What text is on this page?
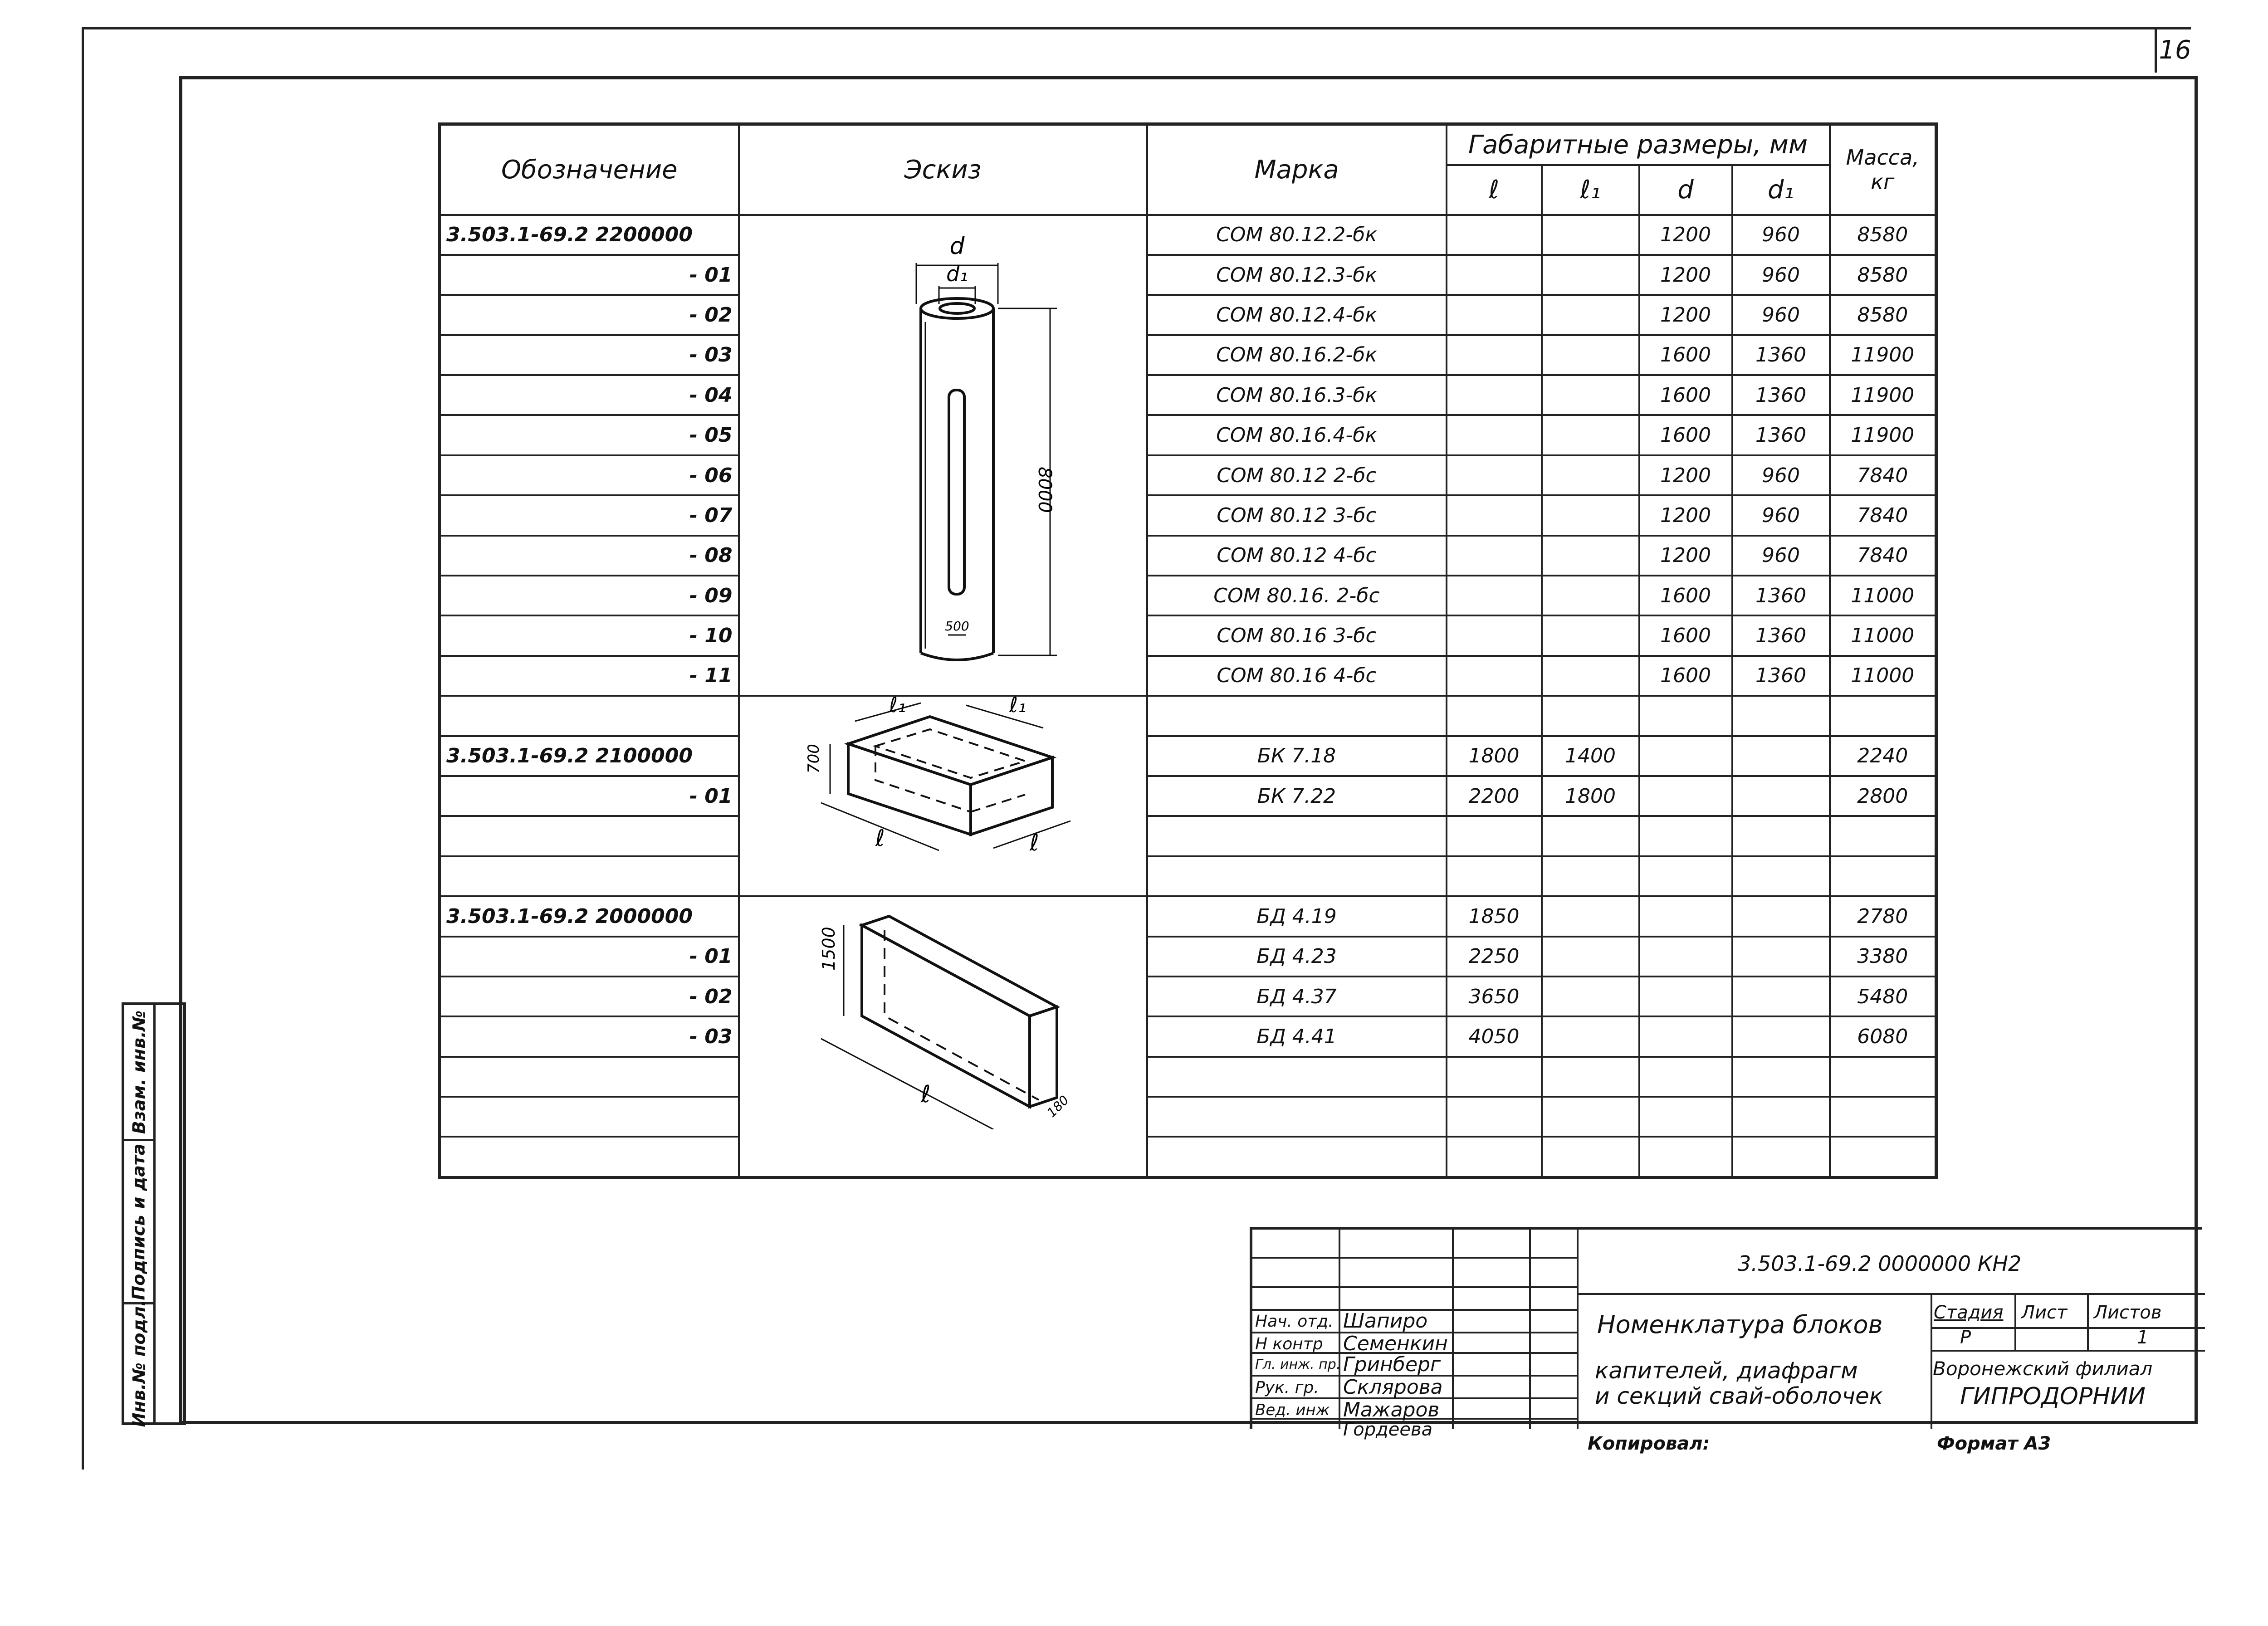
16
Взам. инв.№
Подпись и дата
Инв.№ подл.
Обозначение	Эскиз	Марка	Габаритные размеры, мм				Масса, кг
			ℓ	ℓ₁	d	d₁	
3.503.1-69.2 2200000		СОМ 80.12.2-бк			1200	960	8580
- 01		СОМ 80.12.3-бк			1200	960	8580
- 02		СОМ 80.12.4-бк			1200	960	8580
- 03		СОМ 80.16.2-бк			1600	1360	11900
- 04		СОМ 80.16.3-бк			1600	1360	11900
- 05		СОМ 80.16.4-бк			1600	1360	11900
- 06		СОМ 80.12 2-бс			1200	960	7840
- 07		СОМ 80.12 3-бс			1200	960	7840
- 08		СОМ 80.12 4-бс			1200	960	7840
- 09		СОМ 80.16. 2-бс			1600	1360	11000
- 10		СОМ 80.16 3-бс			1600	1360	11000
- 11		СОМ 80.16 4-бс			1600	1360	11000

3.503.1-69.2 2100000		БК 7.18	1800	1400			2240
- 01		БК 7.22	2200	1800			2800

3.503.1-69.2 2000000		БД 4.19	1850				2780
- 01		БД 4.23	2250				3380
- 02		БД 4.37	3650				5480
- 03		БД 4.41	4050				6080

d
d₁
8000
500
ℓ₁	ℓ₁
700
ℓ	ℓ
1500
ℓ	180
Нач. отд. Шапиро
Н контр Семенкин
Гл. инж. пр. Гринберг
Рук. гр. Склярова
Вед. инж Мажаров
Гордеева
3.503.1-69.2 0000000 КН2
Номенклатура блоков
капителей, диафрагм
и секций свай-оболочек
Стадия Лист Листов
Р	1
Воронежский филиал
ГИПРОДОРНИИ
Копировал:	Формат А3
